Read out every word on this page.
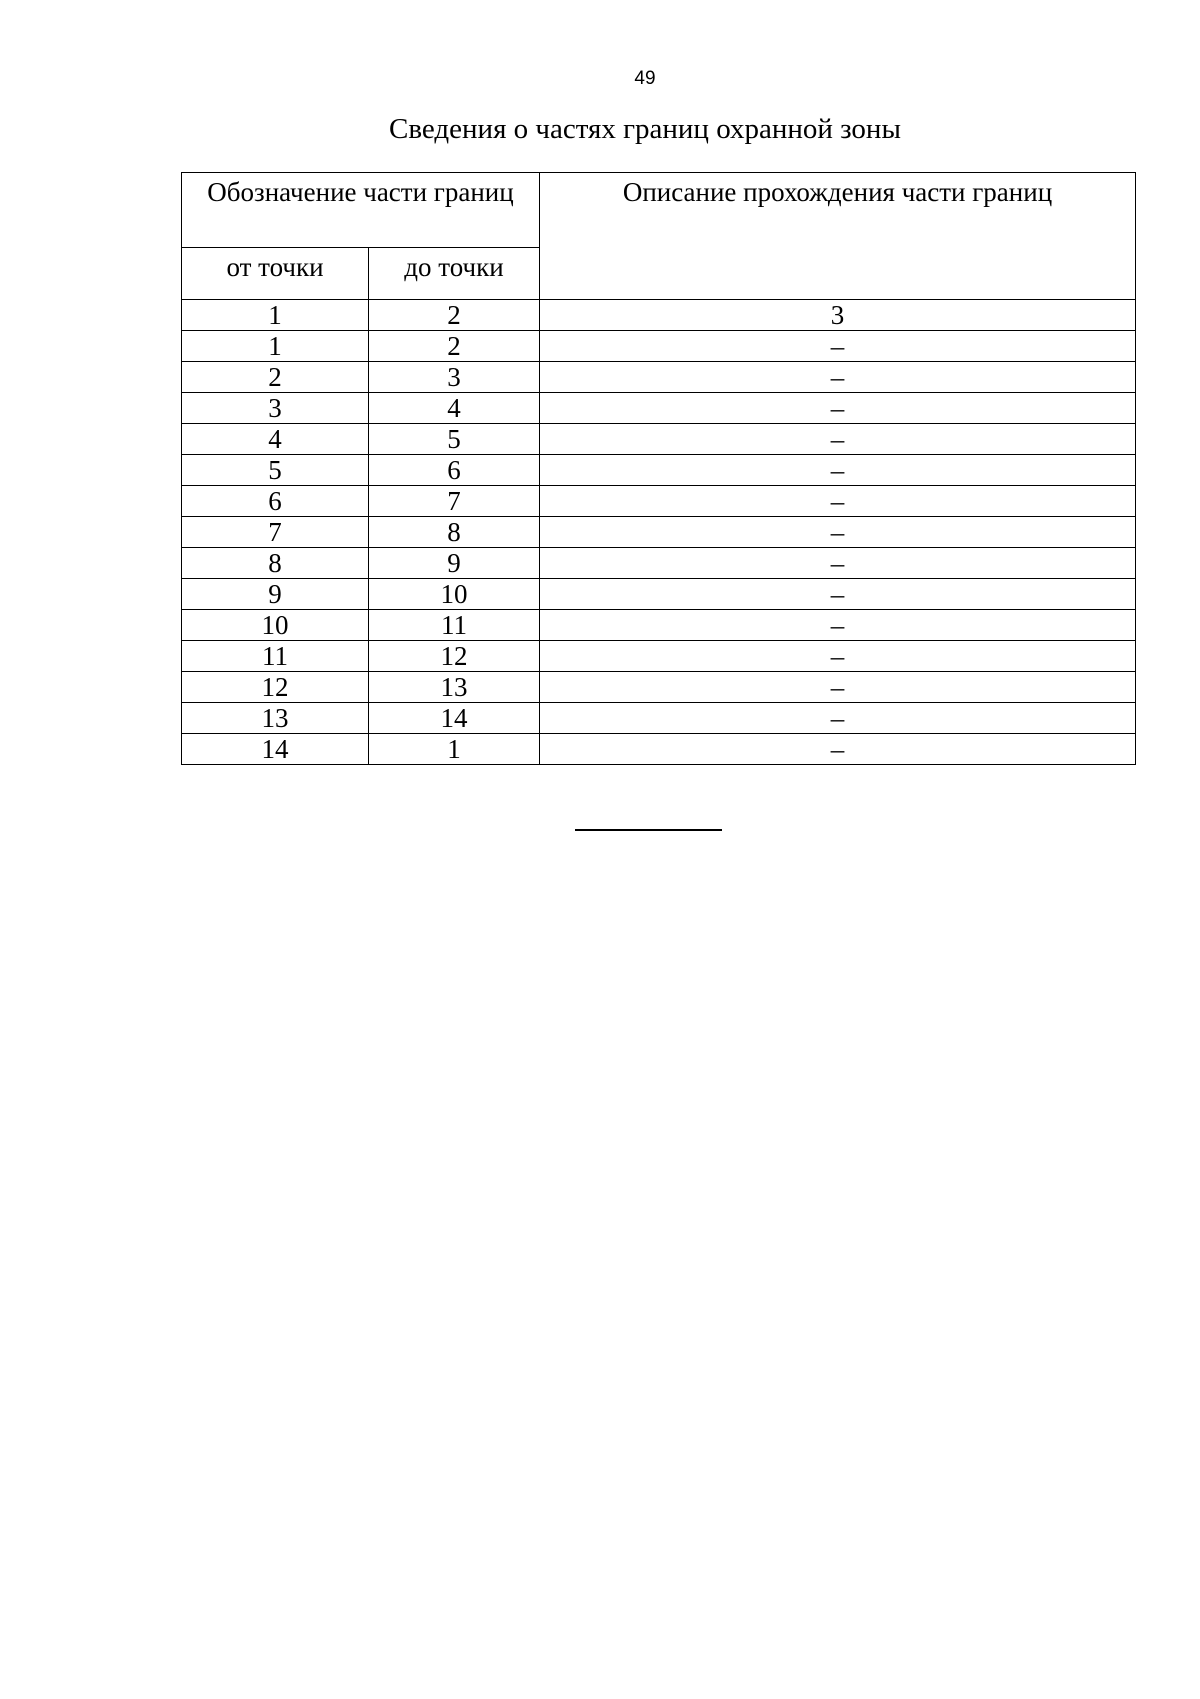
49
Сведения о частях границ охранной зоны
Обозначение части границ		Описание прохождения части границ
от точки	до точки	
1	2	3
1	2	–
2	3	–
3	4	–
4	5	–
5	6	–
6	7	–
7	8	–
8	9	–
9	10	–
10	11	–
11	12	–
12	13	–
13	14	–
14	1	–
